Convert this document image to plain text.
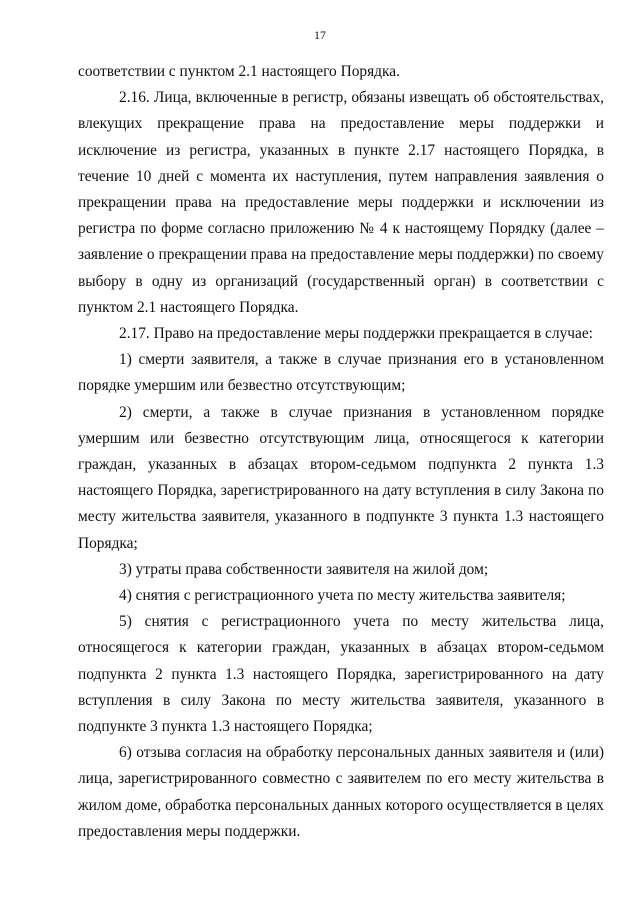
17

соответствии с пунктом 2.1 настоящего Порядка.

2.16. Лица, включенные в регистр, обязаны извещать об обстоятельствах, влекущих прекращение права на предоставление меры поддержки и исключение из регистра, указанных в пункте 2.17 настоящего Порядка, в течение 10 дней с момента их наступления, путем направления заявления о прекращении права на предоставление меры поддержки и исключении из регистра по форме согласно приложению № 4 к настоящему Порядку (далее – заявление о прекращении права на предоставление меры поддержки) по своему выбору в одну из организаций (государственный орган) в соответствии с пунктом 2.1 настоящего Порядка.

2.17. Право на предоставление меры поддержки прекращается в случае:

1) смерти заявителя, а также в случае признания его в установленном порядке умершим или безвестно отсутствующим;

2) смерти, а также в случае признания в установленном порядке умершим или безвестно отсутствующим лица, относящегося к категории граждан, указанных в абзацах втором-седьмом подпункта 2 пункта 1.3 настоящего Порядка, зарегистрированного на дату вступления в силу Закона по месту жительства заявителя, указанного в подпункте 3 пункта 1.3 настоящего Порядка;

3) утраты права собственности заявителя на жилой дом;

4) снятия с регистрационного учета по месту жительства заявителя;

5) снятия с регистрационного учета по месту жительства лица, относящегося к категории граждан, указанных в абзацах втором-седьмом подпункта 2 пункта 1.3 настоящего Порядка, зарегистрированного на дату вступления в силу Закона по месту жительства заявителя, указанного в подпункте 3 пункта 1.3 настоящего Порядка;

6) отзыва согласия на обработку персональных данных заявителя и (или) лица, зарегистрированного совместно с заявителем по его месту жительства в жилом доме, обработка персональных данных которого осуществляется в целях предоставления меры поддержки.
